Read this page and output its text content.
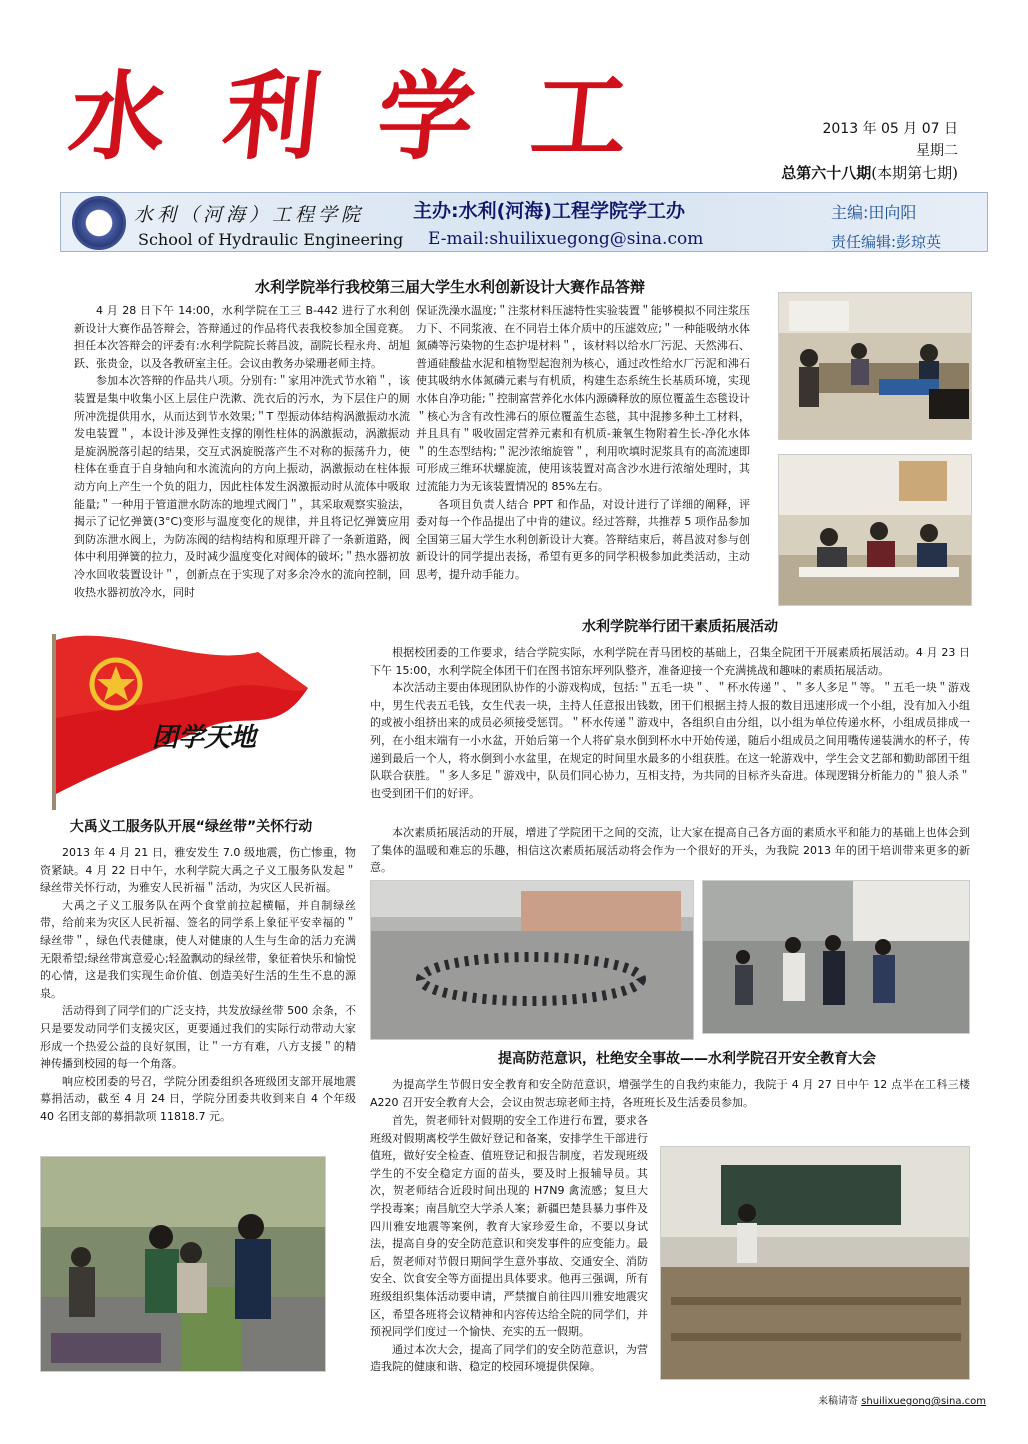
水 利 学 工	2013 年 05 月 07 日
星期二
总第六十八期(本期第七期)
水利（河海）工程学院
School of Hydraulic Engineering
主办:水利(河海)工程学院学工办
E-mail:shuilixuegong@sina.com
主编:田向阳
责任编辑:彭琼英
水利学院举行我校第三届大学生水利创新设计大赛作品答辩

4 月 28 日下午 14:00，水利学院在工三 B-442 进行了水利创新设计大赛作品答辩会，答辩通过的作品将代表我校参加全国竞赛。担任本次答辩会的评委有:水利学院院长蒋昌波，副院长程永舟、胡旭跃、张贵金，以及各教研室主任。会议由教务办梁珊老师主持。

参加本次答辩的作品共八项。分别有:＂家用冲洗式节水箱＂，该装置是集中收集小区上层住户洗漱、洗衣后的污水，为下层住户的厕所冲洗提供用水，从而达到节水效果;＂T 型振动体结构涡激振动水流发电装置＂，本设计涉及弹性支撑的刚性柱体的涡激振动，涡激振动是旋涡脱落引起的结果，交互式涡旋脱落产生不对称的振荡升力，使柱体在垂直于自身轴向和水流流向的方向上振动，涡激振动在柱体振动方向上产生一个负的阻力，因此柱体发生涡激振动时从流体中吸取能量;＂一种用于管道泄水防冻的地埋式阀门＂，其采取观察实验法，揭示了记忆弹簧(3°C)变形与温度变化的规律，并且将记忆弹簧应用到防冻泄水阀上，为防冻阀的结构结构和原理开辟了一条新道路，阀体中利用弹簧的拉力，及时减少温度变化对阀体的破坏;＂热水器初放冷水回收装置设计＂，创新点在于实现了对多余冷水的流向控制，回收热水器初放冷水，同时

保证洗澡水温度;＂注浆材料压滤特性实验装置＂能够模拟不同注浆压力下、不同浆液、在不同岩土体介质中的压滤效应;＂一种能吸纳水体氮磷等污染物的生态护堤材料＂，该材料以给水厂污泥、天然沸石、普通硅酸盐水泥和植物型起泡剂为核心，通过改性给水厂污泥和沸石使其吸纳水体氮磷元素与有机质，构建生态系统生长基质环境，实现水体自净功能;＂控制富营养化水体内源磷释放的原位覆盖生态毯设计＂核心为含有改性沸石的原位覆盖生态毯，其中混掺多种土工材料，并且具有＂吸收固定营养元素和有机质-兼氧生物附着生长-净化水体＂的生态型结构;＂泥沙浓缩旋管＂，利用吹填时泥浆具有的高流速即可形成三维环状螺旋流，使用该装置对高含沙水进行浓缩处理时，其过流能力为无该装置情况的 85%左右。

各项目负责人结合 PPT 和作品，对设计进行了详细的阐释，评委对每一个作品提出了中肯的建议。经过答辩，共推荐 5 项作品参加全国第三届大学生水利创新设计大赛。答辩结束后，蒋昌波对参与创新设计的同学提出表扬，希望有更多的同学积极参加此类活动，主动思考，提升动手能力。

团学天地
大禹义工服务队开展“绿丝带”关怀行动

2013 年 4 月 21 日，雅安发生 7.0 级地震，伤亡惨重，物资紧缺。4 月 22 日中午，水利学院大禹之子义工服务队发起＂绿丝带关怀行动，为雅安人民祈福＂活动，为灾区人民祈福。

大禹之子义工服务队在两个食堂前拉起横幅，并自制绿丝带，给前来为灾区人民祈福、签名的同学系上象征平安幸福的＂绿丝带＂，绿色代表健康，使人对健康的人生与生命的活力充满无限希望;绿丝带寓意爱心;轻盈飘动的绿丝带，象征着快乐和愉悦的心情，这是我们实现生命价值、创造美好生活的生生不息的源泉。

活动得到了同学们的广泛支持，共发放绿丝带 500 余条，不只是要发动同学们支援灾区，更要通过我们的实际行动带动大家形成一个热爱公益的良好氛围，让＂一方有难，八方支援＂的精神传播到校园的每一个角落。

响应校团委的号召，学院分团委组织各班级团支部开展地震募捐活动，截至 4 月 24 日，学院分团委共收到来自 4 个年级 40 名团支部的募捐款项 11818.7 元。

水利学院举行团干素质拓展活动

根据校团委的工作要求，结合学院实际，水利学院在青马团校的基础上，召集全院团干开展素质拓展活动。4 月 23 日下午 15:00，水利学院全体团干们在图书馆东坪列队整齐，准备迎接一个充满挑战和趣味的素质拓展活动。

本次活动主要由体现团队协作的小游戏构成，包括:＂五毛一块＂、＂杯水传递＂、＂多人多足＂等。＂五毛一块＂游戏中，男生代表五毛钱，女生代表一块，主持人任意报出钱数，团干们根据主持人报的数目迅速形成一个小组，没有加入小组的或被小组挤出来的成员必须接受惩罚。＂杯水传递＂游戏中，各组织自由分组，以小组为单位传递水杯，小组成员排成一列，在小组末端有一小水盆，开始后第一个人将矿泉水倒到杯水中开始传递，随后小组成员之间用嘴传递装满水的杯子，传递到最后一个人，将水倒到小水盆里，在规定的时间里水最多的小组获胜。在这一轮游戏中，学生会文艺部和勤助部团干组队联合获胜。＂多人多足＂游戏中，队员们同心协力，互相支持，为共同的目标齐头奋进。体现逻辑分析能力的＂狼人杀＂也受到团干们的好评。

本次素质拓展活动的开展，增进了学院团干之间的交流，让大家在提高自己各方面的素质水平和能力的基础上也体会到了集体的温暖和难忘的乐趣，相信这次素质拓展活动将会作为一个很好的开头，为我院 2013 年的团干培训带来更多的新意。

提高防范意识，杜绝安全事故——水利学院召开安全教育大会

为提高学生节假日安全教育和安全防范意识，增强学生的自我约束能力，我院于 4 月 27 日中午 12 点半在工科三楼 A220 召开安全教育大会，会议由贺志琼老师主持，各班班长及生活委员参加。

首先，贺老师针对假期的安全工作进行布置，要求各班级对假期离校学生做好登记和备案，安排学生干部进行值班，做好安全检查、值班登记和报告制度，若发现班级学生的不安全稳定方面的苗头，要及时上报辅导员。其次，贺老师结合近段时间出现的 H7N9 禽流感；复旦大学投毒案；南昌航空大学杀人案；新疆巴楚县暴力事件及四川雅安地震等案例，教育大家珍爱生命，不要以身试法，提高自身的安全防范意识和突发事件的应变能力。最后，贺老师对节假日期间学生意外事故、交通安全、消防安全、饮食安全等方面提出具体要求。他再三强调，所有班级组织集体活动要申请，严禁擅自前往四川雅安地震灾区，希望各班将会议精神和内容传达给全院的同学们，并预祝同学们度过一个愉快、充实的五一假期。

通过本次大会，提高了同学们的安全防范意识，为营造我院的健康和谐、稳定的校园环境提供保障。

来稿请寄 shuilixuegong@sina.com
